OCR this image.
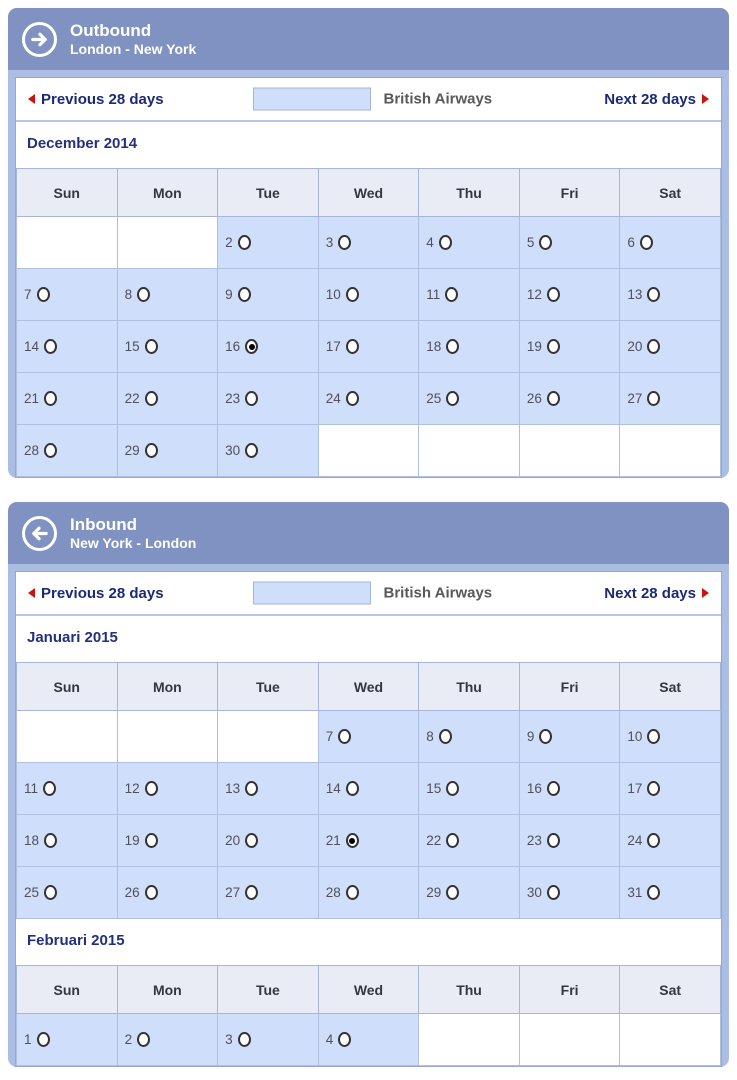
Outbound
London - New York
Previous 28 days	British Airways	Next 28 days
December 2014
Sun	Mon	Tue	Wed	Thu	Fri	Sat

		2	3	4	5	6

7	8	9	10	11	12	13

14	15	16	17	18	19	20

21	22	23	24	25	26	27

28	29	30				

Inbound
New York - London
Previous 28 days	British Airways	Next 28 days
Januari 2015
Sun	Mon	Tue	Wed	Thu	Fri	Sat

			7	8	9	10

11	12	13	14	15	16	17

18	19	20	21	22	23	24

25	26	27	28	29	30	31
Februari 2015
Sun	Mon	Tue	Wed	Thu	Fri	Sat

1	2	3	4			
